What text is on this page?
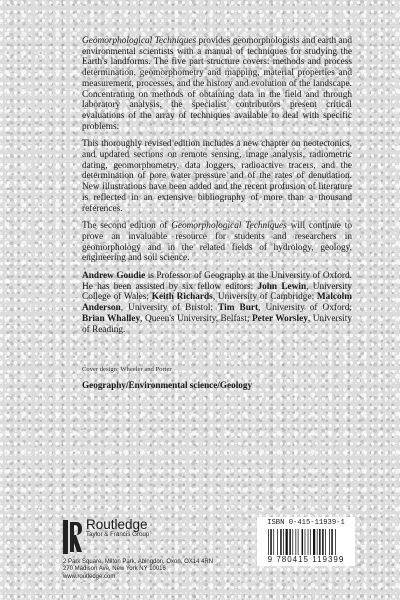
Geomorphological Techniques provides geomorphologists and earth and environmental scientists with a manual of techniques for studying the Earth's landforms. The five part structure covers: methods and process determination, geomorphometry and mapping, material properties and measurement, processes, and the history and evolution of the landscape. Concentrating on methods of obtaining data in the field and through laboratory analysis, the specialist contributors present critical evaluations of the array of techniques available to deal with specific problems.

This thoroughly revised edition includes a new chapter on neotectonics, and updated sections on remote sensing, image analysis, radiometric dating, geomorphometry, data loggers, radioactive tracers, and the determination of pore water pressure and of the rates of denudation. New illustrations have been added and the recent profusion of literature is reflected in an extensive bibliography of more than a thousand references.

The second edition of Geomorphological Techniques will continue to prove an invaluable resource for students and researchers in geomorphology and in the related fields of hydrology, geology, engineering and soil science.

Andrew Goudie is Professor of Geography at the University of Oxford. He has been assisted by six fellow editors: John Lewin, University College of Wales; Keith Richards, University of Cambridge; Malcolm Anderson, University of Bristol; Tim Burt, University of Oxford; Brian Whalley, Queen's University, Belfast; Peter Worsley, University of Reading.

Cover design: Wheeler and Porter
Geography/Environmental science/Geology
Routledge
Taylor & Francis Group
2 Park Square, Milton Park, Abingdon, Oxon, OX14 4RN
270 Madison Ave, New York NY 10016
www.routledge.com
ISBN 0-415-11939-1
9 780415 119399
